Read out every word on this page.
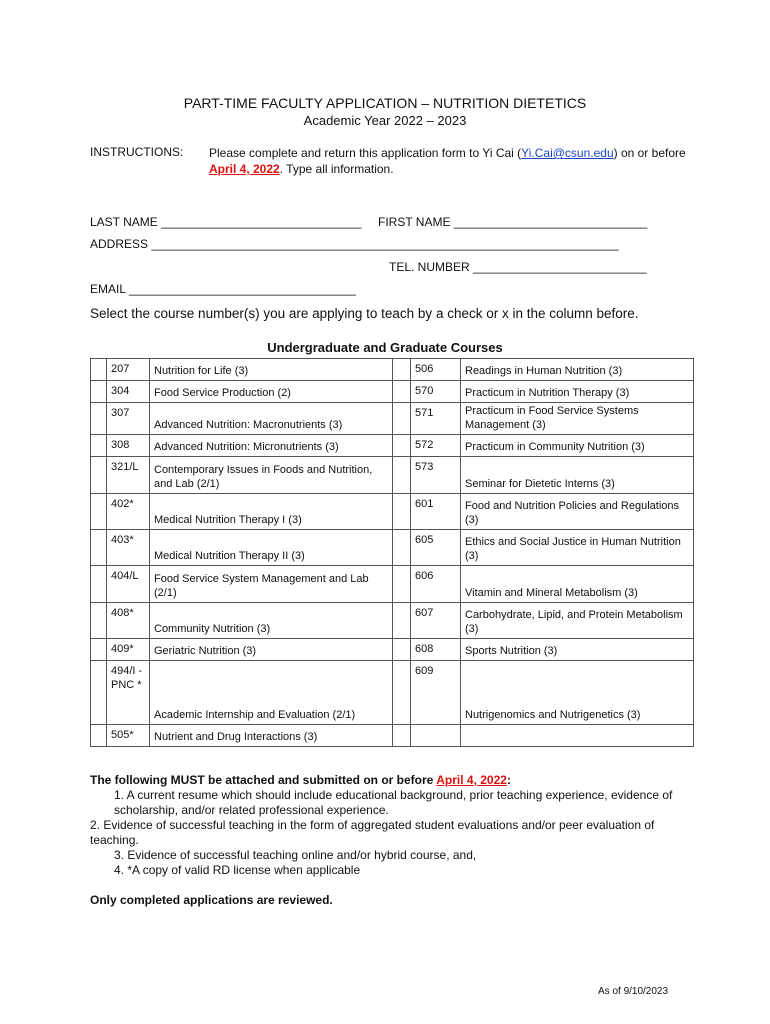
PART-TIME FACULTY APPLICATION – NUTRITION DIETETICS
Academic Year 2022 – 2023
INSTRUCTIONS: Please complete and return this application form to Yi Cai (Yi.Cai@csun.edu) on or before April 4, 2022. Type all information.
LAST NAME ______________________________ FIRST NAME _____________________________
ADDRESS ______________________________________________________________________
TEL. NUMBER __________________________
EMAIL __________________________________
Select the course number(s) you are applying to teach by a check or x in the column before.
Undergraduate and Graduate Courses
	207	Nutrition for Life (3)		506	Readings in Human Nutrition (3)
	304	Food Service Production (2)		570	Practicum in Nutrition Therapy (3)
	307	Advanced Nutrition: Macronutrients (3)		571	Practicum in Food Service Systems Management (3)
	308	Advanced Nutrition: Micronutrients (3)		572	Practicum in Community Nutrition (3)
	321/L	Contemporary Issues in Foods and Nutrition, and Lab (2/1)		573	Seminar for Dietetic Interns (3)
	402*	Medical Nutrition Therapy I (3)		601	Food and Nutrition Policies and Regulations (3)
	403*	Medical Nutrition Therapy II (3)		605	Ethics and Social Justice in Human Nutrition (3)
	404/L	Food Service System Management and Lab (2/1)		606	Vitamin and Mineral Metabolism (3)
	408*	Community Nutrition (3)		607	Carbohydrate, Lipid, and Protein Metabolism (3)
	409*	Geriatric Nutrition (3)		608	Sports Nutrition (3)
	494/I - PNC *	Academic Internship and Evaluation (2/1)		609	Nutrigenomics and Nutrigenetics (3)
	505*	Nutrient and Drug Interactions (3)			
The following MUST be attached and submitted on or before April 4, 2022:
1. A current resume which should include educational background, prior teaching experience, evidence of scholarship, and/or related professional experience.
2. Evidence of successful teaching in the form of aggregated student evaluations and/or peer evaluation of teaching.
3. Evidence of successful teaching online and/or hybrid course, and,
4. *A copy of valid RD license when applicable
Only completed applications are reviewed.
As of 9/10/2023
